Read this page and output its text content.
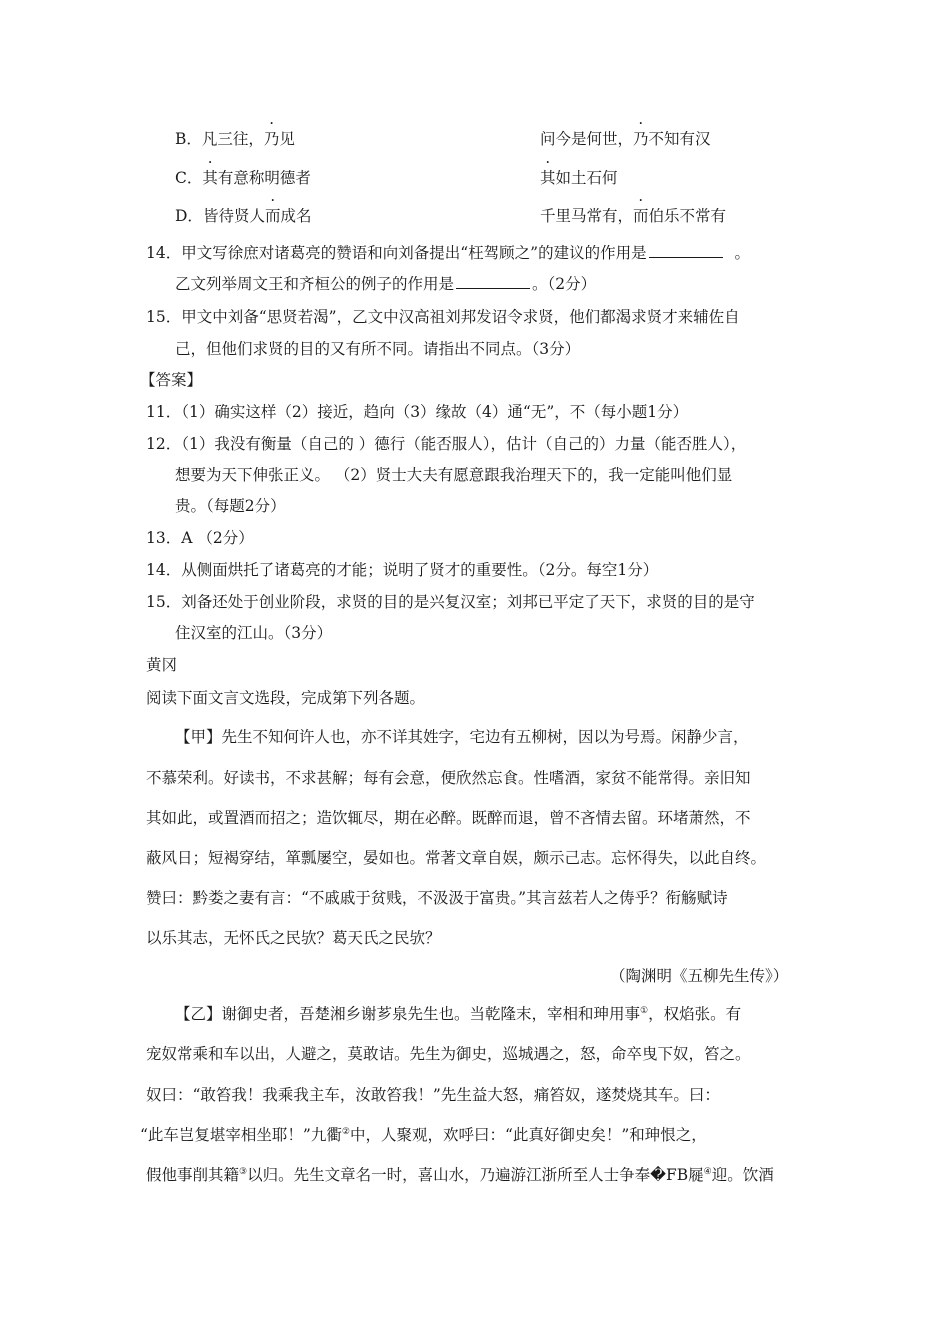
B．凡三往，乃见	问今是何世，乃不知有汉
C．其有意称明德者	其如土石何
D．皆待贤人而成名	千里马常有，而伯乐不常有
14．甲文写徐庶对诸葛亮的赞语和向刘备提出“枉驾顾之”的建议的作用是	。
乙文列举周文王和齐桓公的例子的作用是	。（2分）
15．甲文中刘备“思贤若渴”，乙文中汉高祖刘邦发诏令求贤，他们都渴求贤才来辅佐自
己，但他们求贤的目的又有所不同。请指出不同点。（3分）
【答案】
11．（1）确实这样（2）接近，趋向（3）缘故（4）通“无”，不（每小题1分）
12．（1）我没有衡量（自己的 ）德行（能否服人），估计（自己的）力量（能否胜人），
想要为天下伸张正义。 （2）贤士大夫有愿意跟我治理天下的，我一定能叫他们显
贵。（每题2分）
13．A （2分）
14．从侧面烘托了诸葛亮的才能；说明了贤才的重要性。（2分。每空1分）
15．刘备还处于创业阶段，求贤的目的是兴复汉室；刘邦已平定了天下，求贤的目的是守
住汉室的江山。（3分）
黄冈
阅读下面文言文选段，完成第下列各题。
【甲】先生不知何许人也，亦不详其姓字，宅边有五柳树，因以为号焉。闲静少言，
不慕荣利。好读书，不求甚解；每有会意，便欣然忘食。性嗜酒，家贫不能常得。亲旧知
其如此，或置酒而招之；造饮辄尽，期在必醉。既醉而退，曾不吝情去留。环堵萧然，不
蔽风日；短褐穿结，箪瓢屡空，晏如也。常著文章自娱，颇示己志。忘怀得失，以此自终。
赞曰：黔娄之妻有言：“不戚戚于贫贱，不汲汲于富贵。”其言兹若人之俦乎？衔觞赋诗
以乐其志，无怀氏之民欤？葛天氏之民欤？
（陶渊明《五柳先生传》）
【乙】谢御史者，吾楚湘乡谢芗泉先生也。当乾隆末，宰相和珅用事①，权焰张。有
宠奴常乘和车以出，人避之，莫敢诘。先生为御史，巡城遇之，怒，命卒曳下奴，笞之。
奴曰：“敢笞我！我乘我主车，汝敢笞我！”先生益大怒，痛笞奴，遂焚烧其车。曰：
“此车岂复堪宰相坐耶！”九衢②中，人聚观，欢呼曰：“此真好御史矣！”和珅恨之，
假他事削其籍③以归。先生文章名一时，喜山水，乃遍游江浙所至人士争奉�FB屣④迎。饮酒
